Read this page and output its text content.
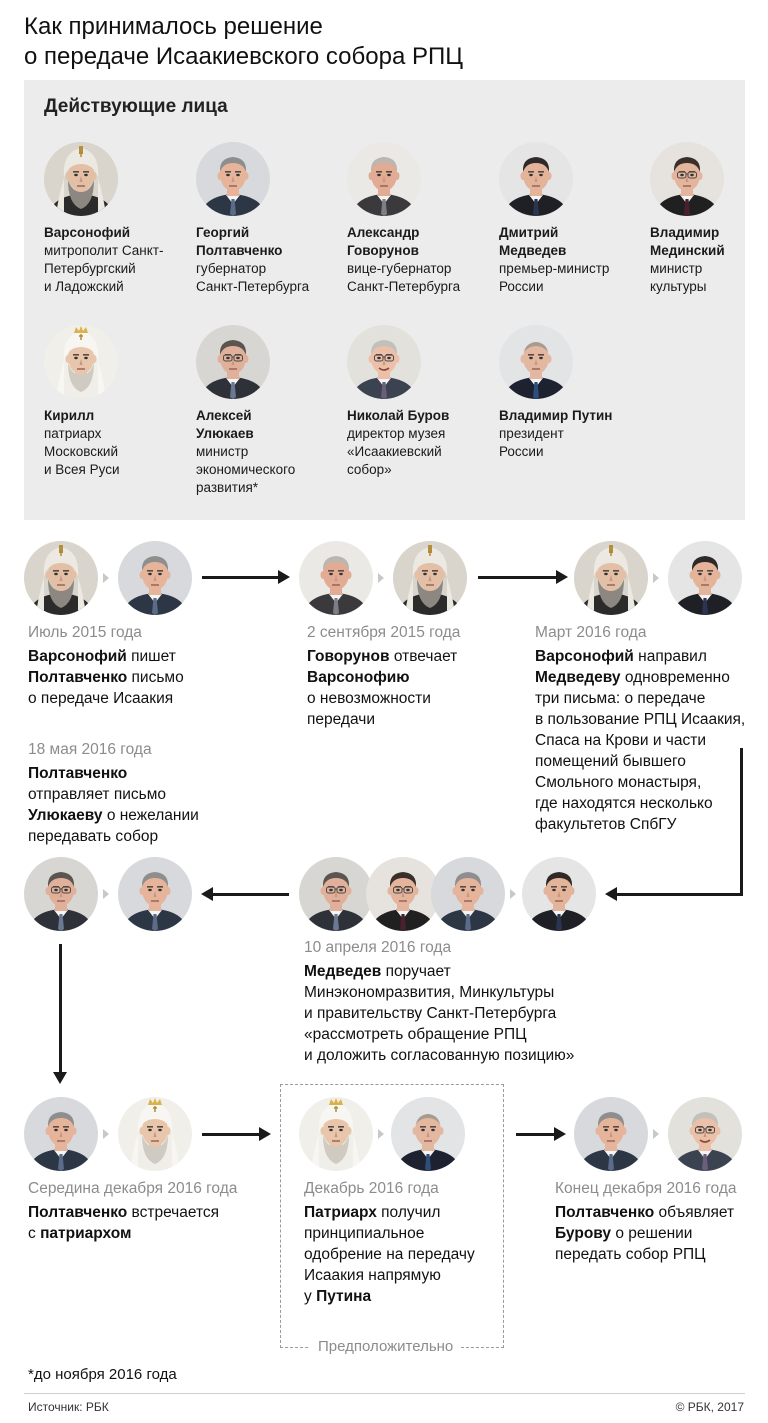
Как принималось решение
о передаче Исаакиевского собора РПЦ
Действующие лица
Варсонофий
митрополит Санкт-
Петербургский
и Ладожский
Георгий
Полтавченко
губернатор
Санкт-Петербурга
Александр
Говорунов
вице-губернатор
Санкт-Петербурга
Дмитрий
Медведев
премьер-министр
России
Владимир
Мединский
министр
культуры
Кирилл
патриарх
Московский
и Всея Руси
Алексей
Улюкаев
министр
экономического
развития*
Николай Буров
директор музея
«Исаакиевский
собор»
Владимир Путин
президент
России
Июль 2015 года
Варсонофий пишет
Полтавченко письмо
о передаче Исаакия
2 сентября 2015 года
Говорунов отвечает
Варсонофию
о невозможности
передачи
Март 2016 года
Варсонофий направил
Медведеву одновременно
три письма: о передаче
в пользование РПЦ Исаакия,
Спаса на Крови и части
помещений бывшего
Смольного монастыря,
где находятся несколько
факультетов СпбГУ
18 мая 2016 года
Полтавченко
отправляет письмо
Улюкаеву о нежелании
передавать собор
10 апреля 2016 года
Медведев поручает
Минэкономразвития, Минкультуры
и правительству Санкт-Петербурга
«рассмотреть обращение РПЦ
и доложить согласованную позицию»
Середина декабря 2016 года
Полтавченко встречается
с патриархом
Декабрь 2016 года
Патриарх получил
принципиальное
одобрение на передачу
Исаакия напрямую
у Путина
Конец декабря 2016 года
Полтавченко объявляет
Бурову о решении
передать собор РПЦ
Предположительно
*до ноября 2016 года
Источник: РБК	© РБК, 2017
